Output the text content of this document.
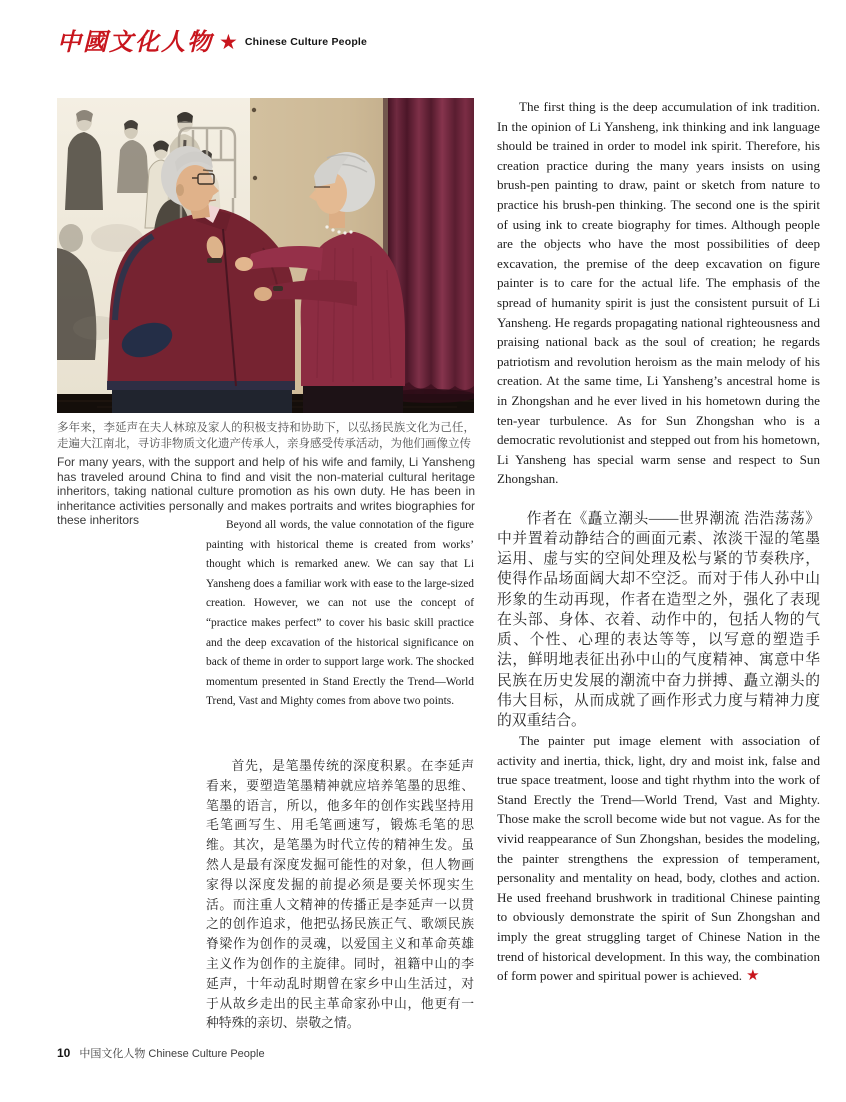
中國文化人物 ★ Chinese Culture People
多年来，李延声在夫人林琼及家人的积极支持和协助下，以弘扬民族文化为己任，走遍大江南北，寻访非物质文化遗产传承人，亲身感受传承活动，为他们画像立传
For many years, with the support and help of his wife and family, Li Yansheng has traveled around China to find and visit the non-material cultural heritage inheritors, taking national culture promotion as his own duty. He has been in inheritance activities personally and makes portraits and writes biographies for these inheritors	Beyond all words, the value connotation of the figure painting with historical theme is created from works’ thought which is remarked anew. We can say that Li Yansheng does a familiar work with ease to the large-sized creation. However, we can not use the concept of “practice makes perfect” to cover his basic skill practice and the deep excavation of the historical significance on back of theme in order to support large work. The shocked momentum presented in Stand Erectly the Trend—World Trend, Vast and Mighty comes from above two points.
首先，是笔墨传统的深度积累。在李延声看来，要塑造笔墨精神就应培养笔墨的思维、笔墨的语言，所以，他多年的创作实践坚持用毛笔画写生、用毛笔画速写，锻炼毛笔的思维。其次，是笔墨为时代立传的精神生发。虽然人是最有深度发掘可能性的对象，但人物画家得以深度发掘的前提必须是要关怀现实生活。而注重人文精神的传播正是李延声一以贯之的创作追求，他把弘扬民族正气、歌颂民族脊梁作为创作的灵魂，以爱国主义和革命英雄主义作为创作的主旋律。同时，祖籍中山的李延声，十年动乱时期曾在家乡中山生活过，对于从故乡走出的民主革命家孙中山，他更有一种特殊的亲切、崇敬之情。

The first thing is the deep accumulation of ink tradition. In the opinion of Li Yansheng, ink thinking and ink language should be trained in order to model ink spirit. Therefore, his creation practice during the many years insists on using brush-pen painting to draw, paint or sketch from nature to practice his brush-pen thinking. The second one is the spirit of using ink to create biography for times. Although people are the objects who have the most possibilities of deep excavation, the premise of the deep excavation on figure painter is to care for the actual life. The emphasis of the spread of humanity spirit is just the consistent pursuit of Li Yansheng. He regards propagating national righteousness and praising national back as the soul of creation; he regards patriotism and revolution heroism as the main melody of his creation. At the same time, Li Yansheng’s ancestral home is in Zhongshan and he ever lived in his hometown during the ten-year turbulence. As for Sun Zhongshan who is a democratic revolutionist and stepped out from his hometown, Li Yansheng has special warm sense and respect to Sun Zhongshan.

作者在《矗立潮头——世界潮流 浩浩荡荡》中并置着动静结合的画面元素、浓淡干湿的笔墨运用、虚与实的空间处理及松与紧的节奏秩序，使得作品场面阔大却不空泛。而对于伟人孙中山形象的生动再现，作者在造型之外，强化了表现在头部、身体、衣着、动作中的，包括人物的气质、个性、心理的表达等等，以写意的塑造手法，鲜明地表征出孙中山的气度精神、寓意中华民族在历史发展的潮流中奋力拼搏、矗立潮头的伟大目标，从而成就了画作形式力度与精神力度的双重结合。

The painter put image element with association of activity and inertia, thick, light, dry and moist ink, false and true space treatment, loose and tight rhythm into the work of Stand Erectly the Trend—World Trend, Vast and Mighty. Those make the scroll become wide but not vague. As for the vivid reappearance of Sun Zhongshan, besides the modeling, the painter strengthens the expression of temperament, personality and mentality on head, body, clothes and action. He used freehand brushwork in traditional Chinese painting to obviously demonstrate the spirit of Sun Zhongshan and imply the great struggling target of Chinese Nation in the trend of historical development. In this way, the combination of form power and spiritual power is achieved. ★

10 中国文化人物 Chinese Culture People
